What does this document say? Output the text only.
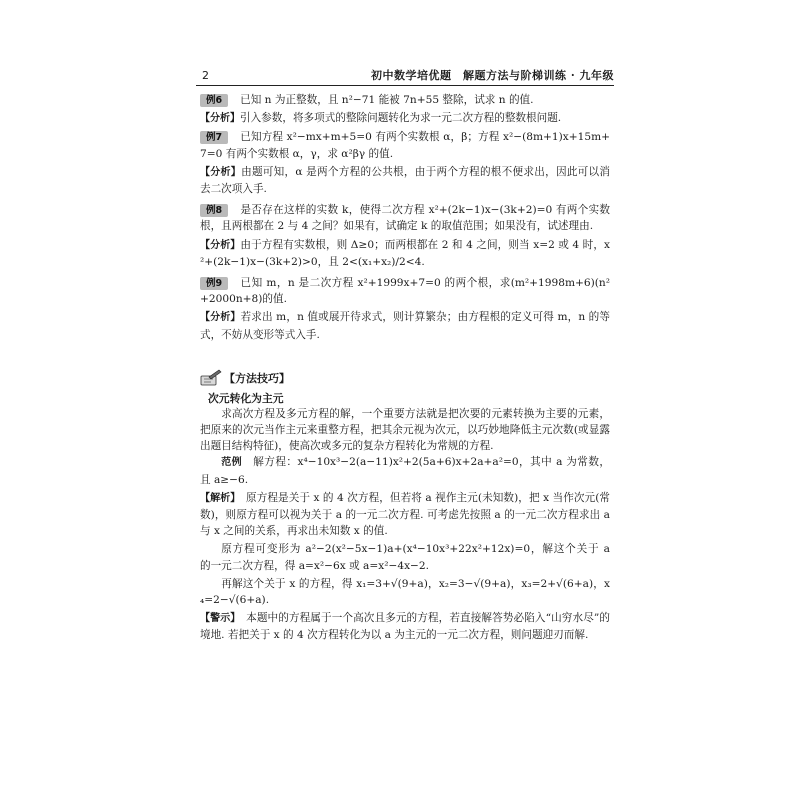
2	初中数学培优题　解题方法与阶梯训练 · 九年级

例6 已知 n 为正整数，且 n²−71 能被 7n+55 整除，试求 n 的值.

【分析】引入参数，将多项式的整除问题转化为求一元二次方程的整数根问题.

例7 已知方程 x²−mx+m+5=0 有两个实数根 α，β；方程 x²−(8m+1)x+15m+7=0 有两个实数根 α，γ，求 α²βγ 的值.

【分析】由题可知，α 是两个方程的公共根，由于两个方程的根不便求出，因此可以消去二次项入手.

例8 是否存在这样的实数 k，使得二次方程 x²+(2k−1)x−(3k+2)=0 有两个实数根，且两根都在 2 与 4 之间？如果有，试确定 k 的取值范围；如果没有，试述理由.

【分析】由于方程有实数根，则 Δ≥0；而两根都在 2 和 4 之间，则当 x=2 或 4 时，x²+(2k−1)x−(3k+2)>0，且 2<(x₁+x₂)/2<4.

例9 已知 m，n 是二次方程 x²+1999x+7=0 的两个根，求(m²+1998m+6)(n²+2000n+8)的值.

【分析】若求出 m，n 值或展开待求式，则计算繁杂；由方程根的定义可得 m，n 的等式，不妨从变形等式入手.

【方法技巧】
次元转化为主元

求高次方程及多元方程的解，一个重要方法就是把次要的元素转换为主要的元素，把原来的次元当作主元来重整方程，把其余元视为次元，以巧妙地降低主元次数(或显露出题目结构特征)，使高次或多元的复杂方程转化为常规的方程.

范例　 解方程：x⁴−10x³−2(a−11)x²+2(5a+6)x+2a+a²=0，其中 a 为常数，且 a≥−6.

【解析】　 原方程是关于 x 的 4 次方程，但若将 a 视作主元(未知数)，把 x 当作次元(常数)，则原方程可以视为关于 a 的一元二次方程. 可考虑先按照 a 的一元二次方程求出 a 与 x 之间的关系，再求出未知数 x 的值.

原方程可变形为 a²−2(x²−5x−1)a+(x⁴−10x³+22x²+12x)=0，解这个关于 a 的一元二次方程，得 a=x²−6x 或 a=x²−4x−2.

再解这个关于 x 的方程，得 x₁=3+√(9+a)，x₂=3−√(9+a)，x₃=2+√(6+a)，x₄=2−√(6+a).

【警示】　 本题中的方程属于一个高次且多元的方程，若直接解答势必陷入“山穷水尽”的境地. 若把关于 x 的 4 次方程转化为以 a 为主元的一元二次方程，则问题迎刃而解.
